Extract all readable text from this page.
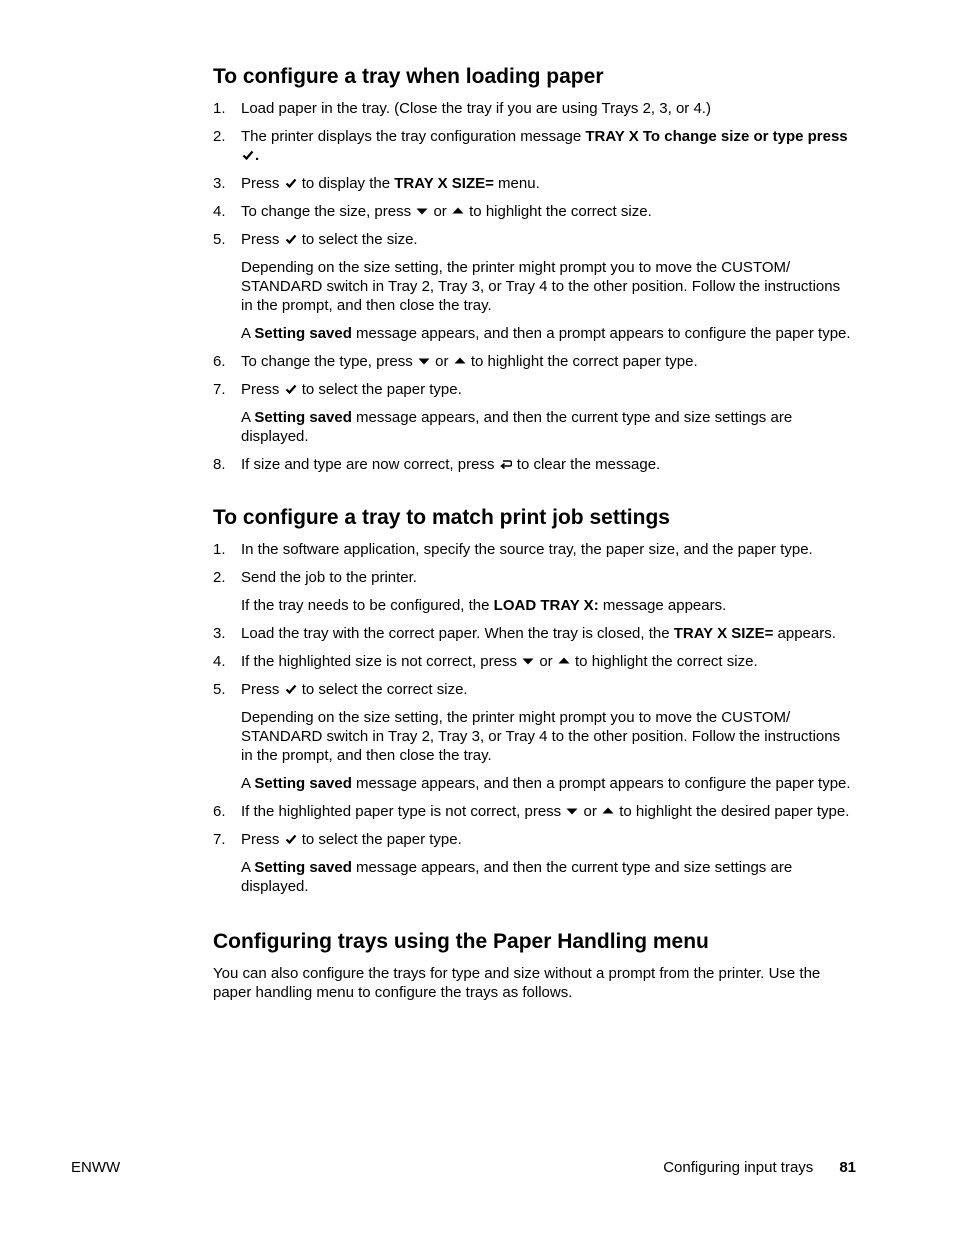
To configure a tray when loading paper
1. Load paper in the tray. (Close the tray if you are using Trays 2, 3, or 4.)
2. The printer displays the tray configuration message TRAY X To change size or type press
.
3. Press to display the TRAY X SIZE= menu.
4. To change the size, press or to highlight the correct size.
5. Press to select the size.
Depending on the size setting, the printer might prompt you to move the CUSTOM/ STANDARD switch in Tray 2, Tray 3, or Tray 4 to the other position. Follow the instructions in the prompt, and then close the tray.
A Setting saved message appears, and then a prompt appears to configure the paper type.
6. To change the type, press or to highlight the correct paper type.
7. Press to select the paper type.
A Setting saved message appears, and then the current type and size settings are displayed.
8. If size and type are now correct, press to clear the message.
To configure a tray to match print job settings
1. In the software application, specify the source tray, the paper size, and the paper type.
2. Send the job to the printer.
If the tray needs to be configured, the LOAD TRAY X: message appears.
3. Load the tray with the correct paper. When the tray is closed, the TRAY X SIZE= appears.
4. If the highlighted size is not correct, press or to highlight the correct size.
5. Press to select the correct size.
Depending on the size setting, the printer might prompt you to move the CUSTOM/ STANDARD switch in Tray 2, Tray 3, or Tray 4 to the other position. Follow the instructions in the prompt, and then close the tray.
A Setting saved message appears, and then a prompt appears to configure the paper type.
6. If the highlighted paper type is not correct, press or to highlight the desired paper type.
7. Press to select the paper type.
A Setting saved message appears, and then the current type and size settings are displayed.
Configuring trays using the Paper Handling menu

You can also configure the trays for type and size without a prompt from the printer. Use the paper handling menu to configure the trays as follows.

ENWW	Configuring input trays 81
